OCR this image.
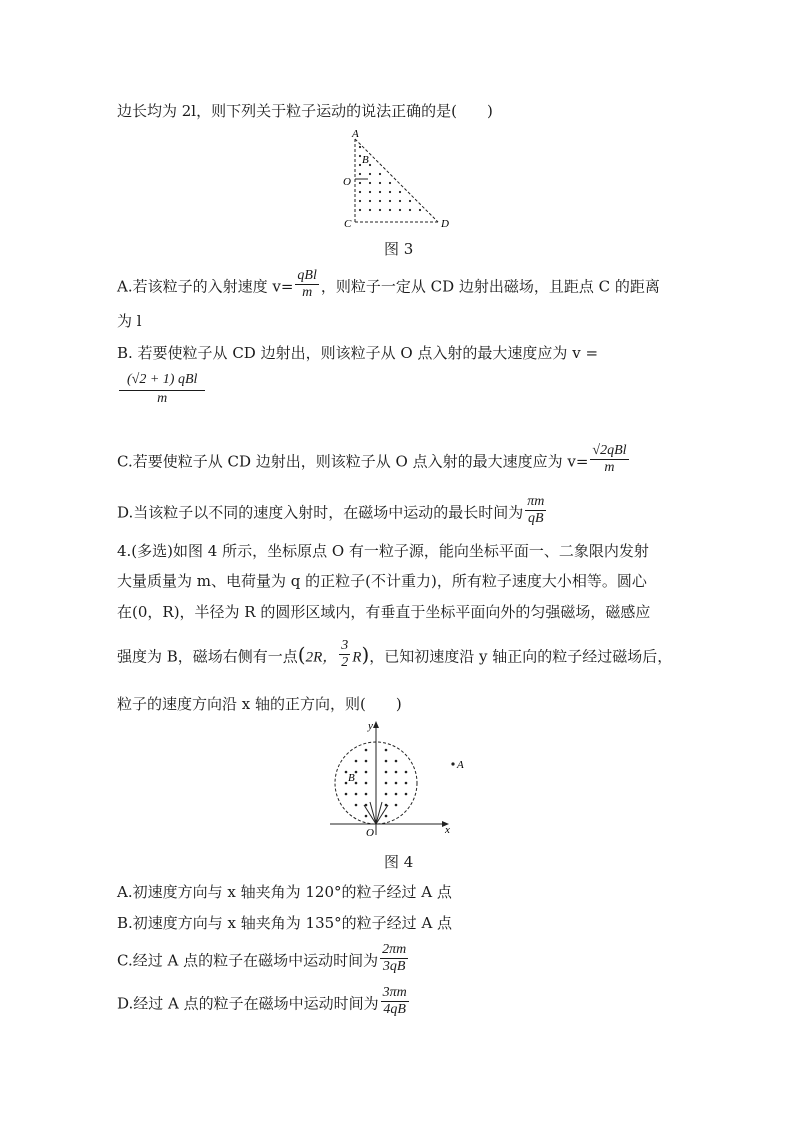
边长均为 2l，则下列关于粒子运动的说法正确的是(　　)
A
B
O
C	D
图 3
A.若该粒子的入射速度 $v= \frac{\text{qBl}}{m}$ ，则粒子一定从 CD 边射出磁场，且距点 C 的距离
为 l
B. 若要使粒子从 CD 边射出，则该粒子从 O 点入射的最大速度应为 v =
$\frac{\text{(√2 + 1) qBl}}{m}$
C.若要使粒子从 CD 边射出，则该粒子从 O 点入射的最大速度应为 $v= \frac{\text{√2qBl}}{m}$
D.当该粒子以不同的速度入射时，在磁场中运动的最长时间为 $\frac{\pi m}{qB}$
4.(多选)如图 4 所示，坐标原点 O 有一粒子源，能向坐标平面一、二象限内发射
大量质量为 m、电荷量为 q 的正粒子(不计重力)，所有粒子速度大小相等。圆心
在(0，R)，半径为 R 的圆形区域内，有垂直于坐标平面向外的匀强磁场，磁感应
强度为 B，磁场右侧有一点(2R， $\frac{3}{2} R$)，已知初速度沿 y 轴正向的粒子经过磁场后，
粒子的速度方向沿 x 轴的正方向，则(　　)
A
B
y
x
O
图 4
A.初速度方向与 x 轴夹角为 120°的粒子经过 A 点
B.初速度方向与 x 轴夹角为 135°的粒子经过 A 点
C.经过 A 点的粒子在磁场中运动时间为 $\frac{2\pi m}{3qB}$
D.经过 A 点的粒子在磁场中运动时间为 $\frac{3\pi m}{4qB}$
